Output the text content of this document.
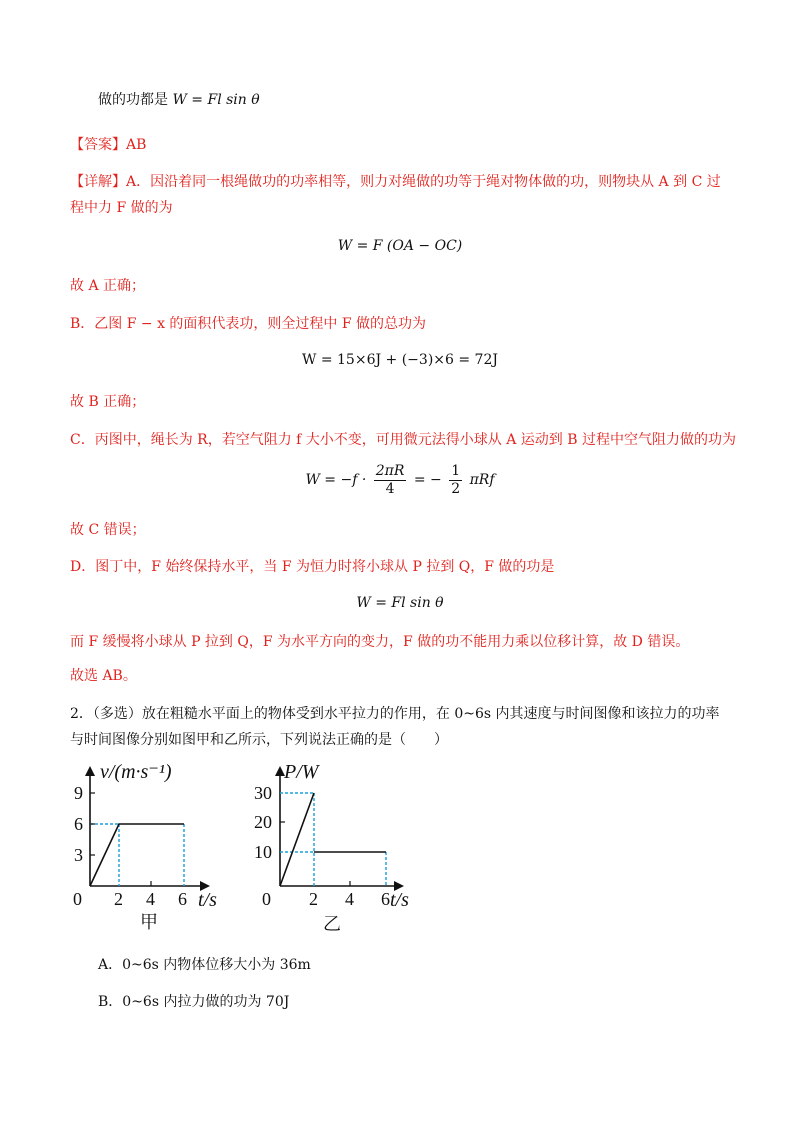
做的功都是 W = Fl sin θ
【答案】AB
【详解】A．因沿着同一根绳做功的功率相等，则力对绳做的功等于绳对物体做的功，则物块从 A 到 C 过
程中力 F 做的为
W = F (OA − OC)
故 A 正确；
B．乙图 F − x 的面积代表功，则全过程中 F 做的总功为
W = 15×6J + (−3)×6 = 72J
故 B 正确；
C．丙图中，绳长为 R，若空气阻力 f 大小不变，可用微元法得小球从 A 运动到 B 过程中空气阻力做的功为
$W = -f \cdot \frac{2\pi R}{4}$ = − $\frac{1}{2}$ πRf
故 C 错误；
D．图丁中，F 始终保持水平，当 F 为恒力时将小球从 P 拉到 Q，F 做的功是
W = Fl sin θ
而 F 缓慢将小球从 P 拉到 Q，F 为水平方向的变力，F 做的功不能用力乘以位移计算，故 D 错误。
故选 AB。
2．（多选）放在粗糙水平面上的物体受到水平拉力的作用，在 0~6s 内其速度与时间图像和该拉力的功率
与时间图像分别如图甲和乙所示，下列说法正确的是（　　）
v/(m·s⁻¹)
t/s
0
3
6
9
2 4 6
甲
P/W
t/s
0
10
20
30
2 4 6
乙
A．0~6s 内物体位移大小为 36m
B．0~6s 内拉力做的功为 70J
